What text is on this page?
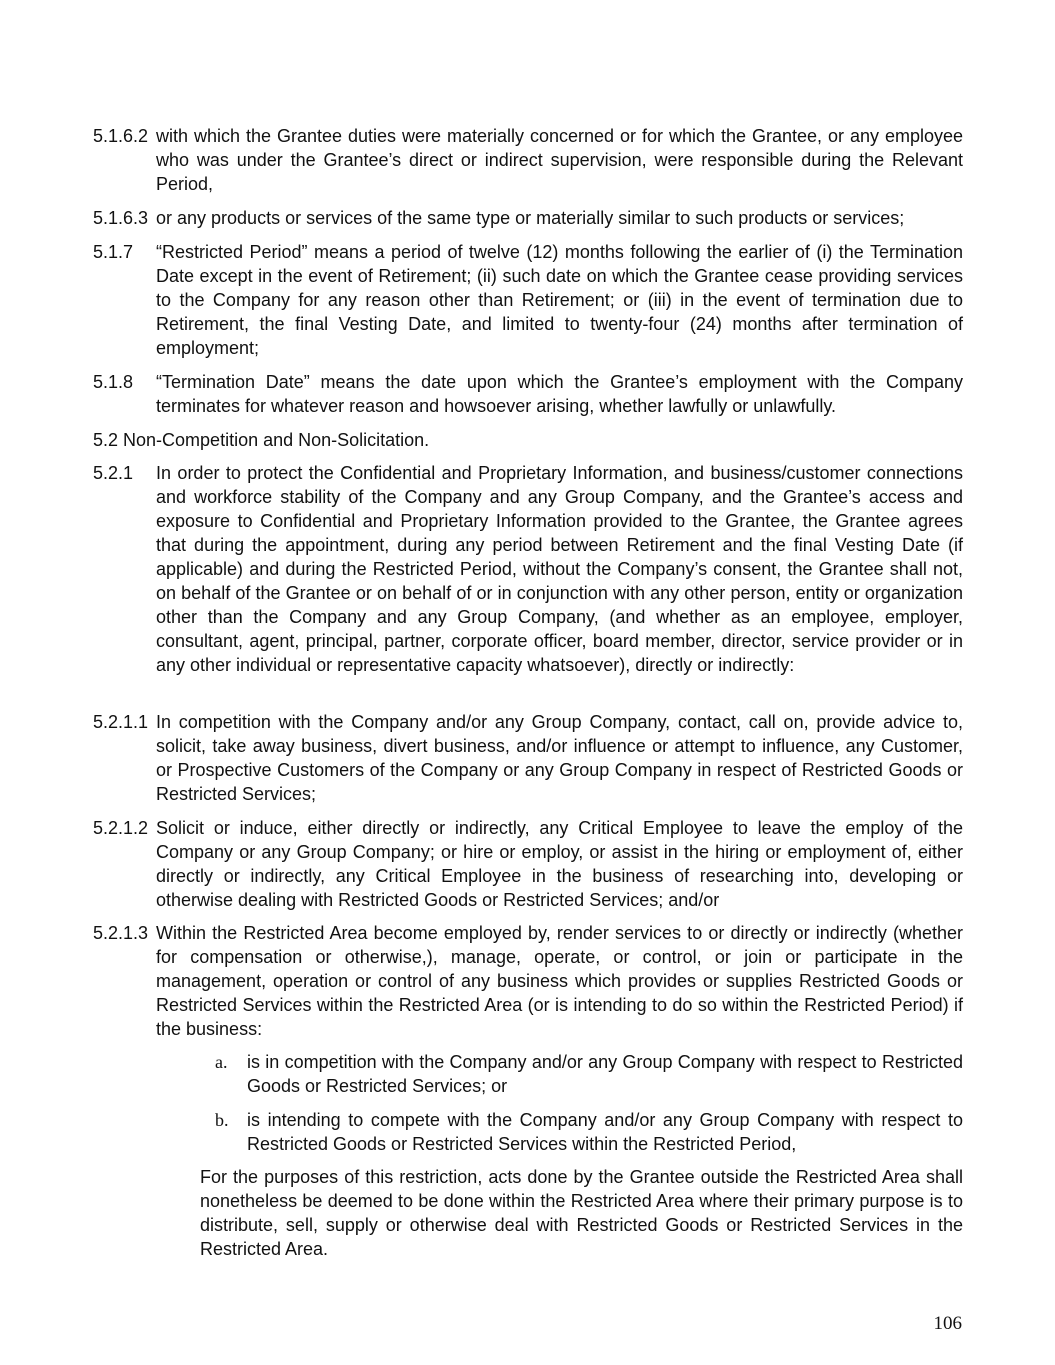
5.1.6.2 with which the Grantee duties were materially concerned or for which the Grantee, or any employee who was under the Grantee’s direct or indirect supervision, were responsible during the Relevant Period,
5.1.6.3 or any products or services of the same type or materially similar to such products or services;
5.1.7 “Restricted Period” means a period of twelve (12) months following the earlier of (i) the Termination Date except in the event of Retirement; (ii) such date on which the Grantee cease providing services to the Company for any reason other than Retirement; or (iii) in the event of termination due to Retirement, the final Vesting Date, and limited to twenty-four (24) months after termination of employment;
5.1.8 “Termination Date” means the date upon which the Grantee’s employment with the Company terminates for whatever reason and howsoever arising, whether lawfully or unlawfully.
5.2 Non-Competition and Non-Solicitation.
5.2.1 In order to protect the Confidential and Proprietary Information, and business/customer connections and workforce stability of the Company and any Group Company, and the Grantee’s access and exposure to Confidential and Proprietary Information provided to the Grantee, the Grantee agrees that during the appointment, during any period between Retirement and the final Vesting Date (if applicable) and during the Restricted Period, without the Company’s consent, the Grantee shall not, on behalf of the Grantee or on behalf of or in conjunction with any other person, entity or organization other than the Company and any Group Company, (and whether as an employee, employer, consultant, agent, principal, partner, corporate officer, board member, director, service provider or in any other individual or representative capacity whatsoever), directly or indirectly:
5.2.1.1 In competition with the Company and/or any Group Company, contact, call on, provide advice to, solicit, take away business, divert business, and/or influence or attempt to influence, any Customer, or Prospective Customers of the Company or any Group Company in respect of Restricted Goods or Restricted Services;
5.2.1.2 Solicit or induce, either directly or indirectly, any Critical Employee to leave the employ of the Company or any Group Company; or hire or employ, or assist in the hiring or employment of, either directly or indirectly, any Critical Employee in the business of researching into, developing or otherwise dealing with Restricted Goods or Restricted Services; and/or
5.2.1.3 Within the Restricted Area become employed by, render services to or directly or indirectly (whether for compensation or otherwise,), manage, operate, or control, or join or participate in the management, operation or control of any business which provides or supplies Restricted Goods or Restricted Services within the Restricted Area (or is intending to do so within the Restricted Period) if the business:
a. is in competition with the Company and/or any Group Company with respect to Restricted Goods or Restricted Services; or
b. is intending to compete with the Company and/or any Group Company with respect to Restricted Goods or Restricted Services within the Restricted Period,
For the purposes of this restriction, acts done by the Grantee outside the Restricted Area shall nonetheless be deemed to be done within the Restricted Area where their primary purpose is to distribute, sell, supply or otherwise deal with Restricted Goods or Restricted Services in the Restricted Area.
106
